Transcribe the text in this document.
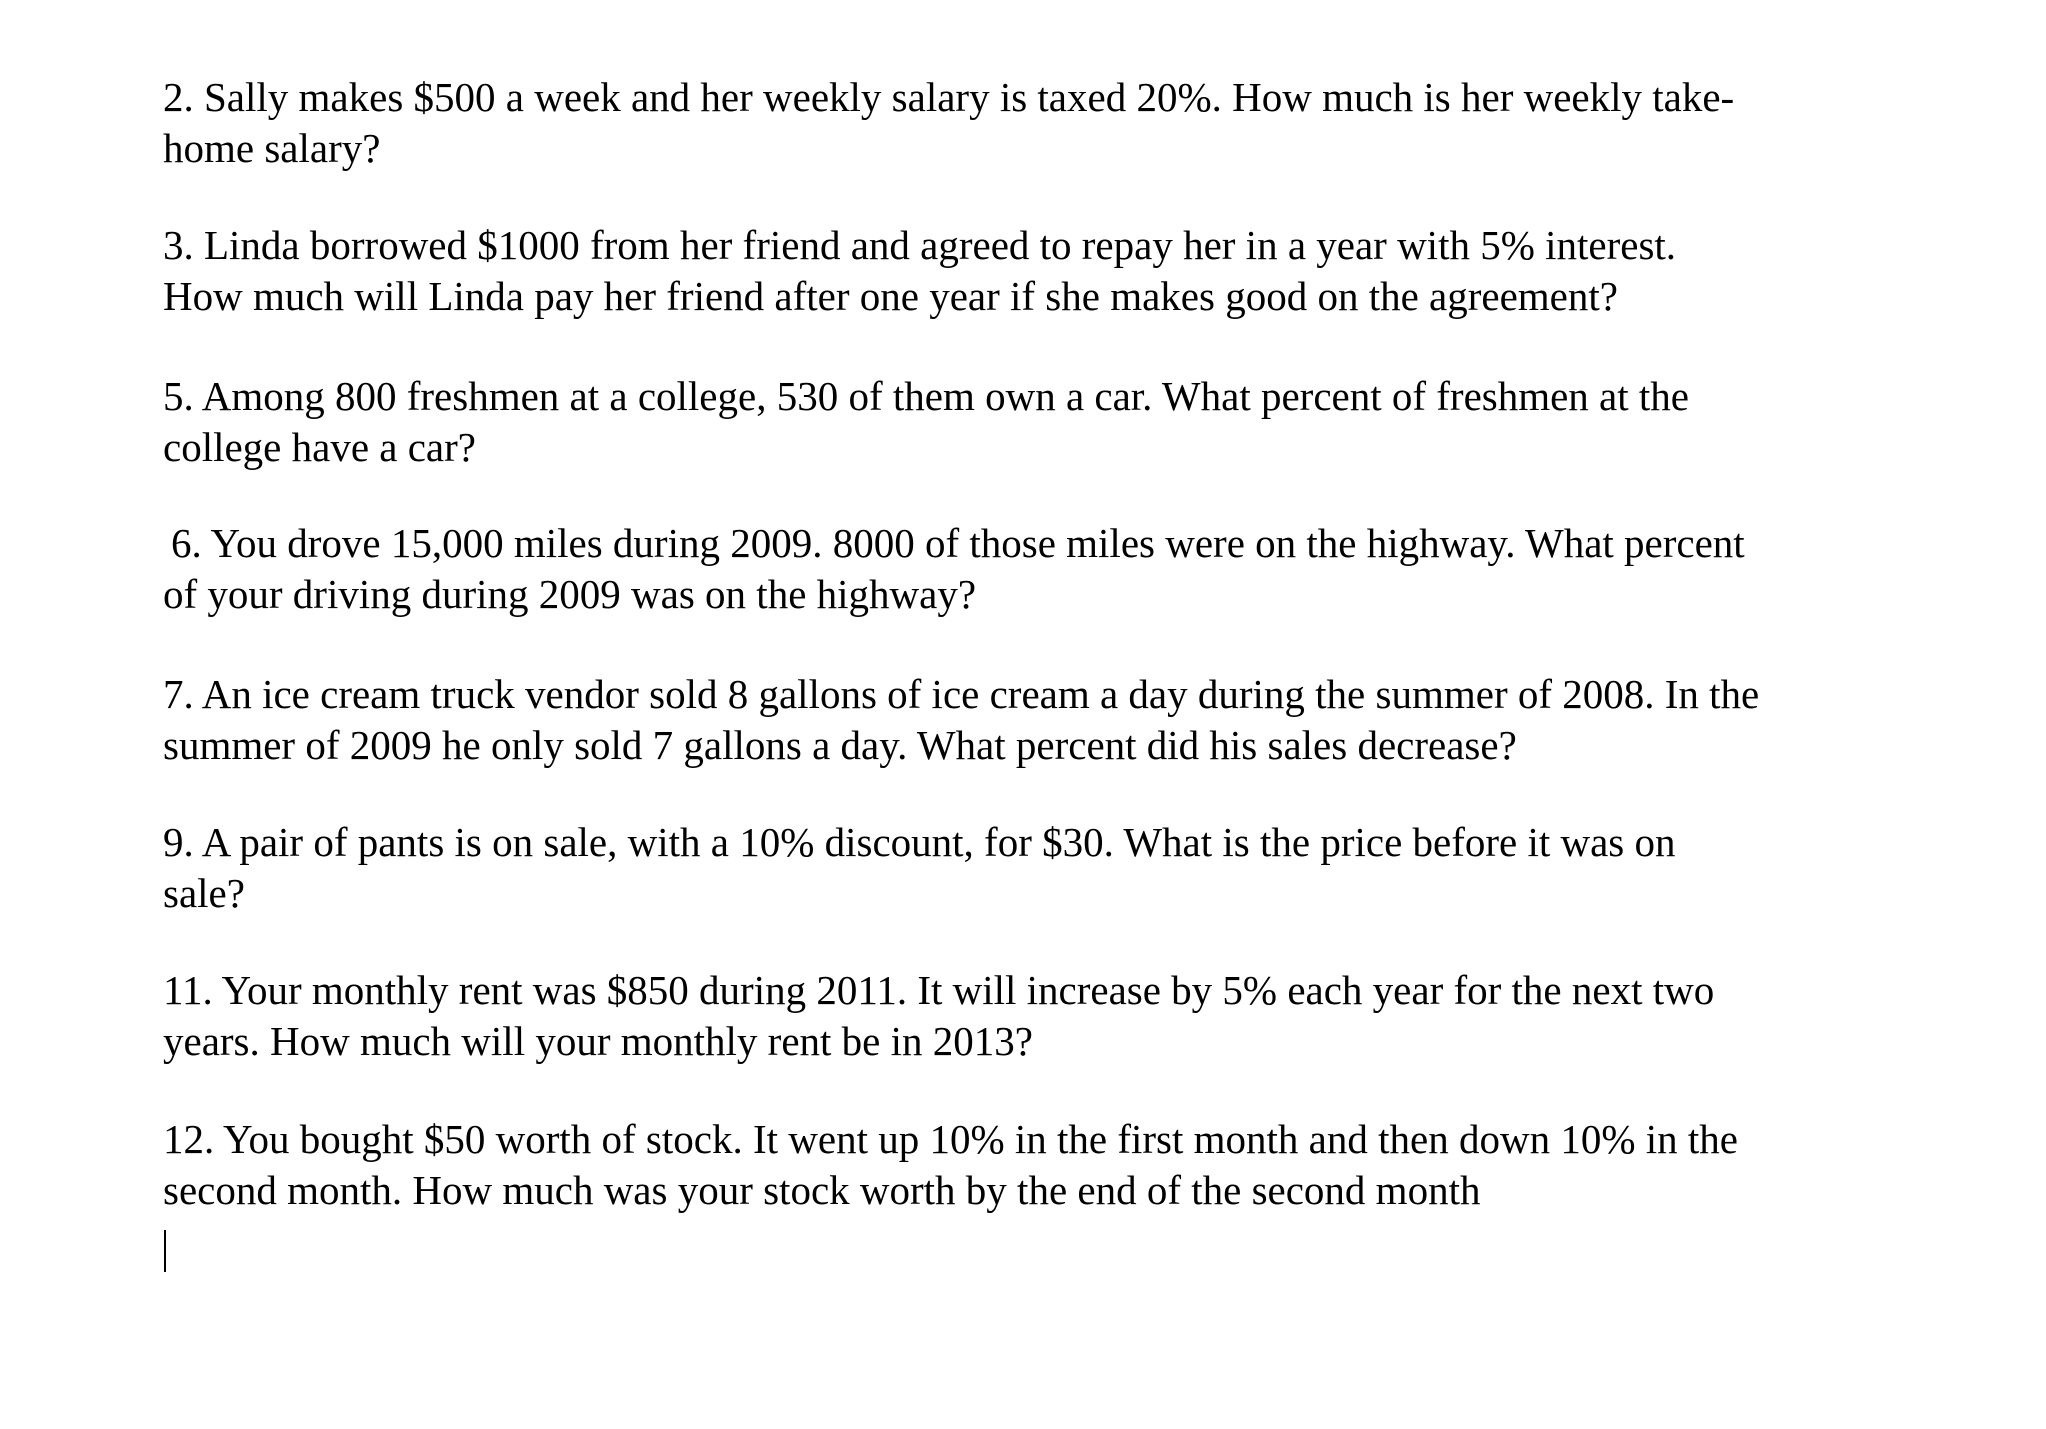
2. Sally makes $500 a week and her weekly salary is taxed 20%. How much is her weekly take-
home salary?
3. Linda borrowed $1000 from her friend and agreed to repay her in a year with 5% interest.
How much will Linda pay her friend after one year if she makes good on the agreement?
5. Among 800 freshmen at a college, 530 of them own a car. What percent of freshmen at the
college have a car?
6. You drove 15,000 miles during 2009. 8000 of those miles were on the highway. What percent
of your driving during 2009 was on the highway?
7. An ice cream truck vendor sold 8 gallons of ice cream a day during the summer of 2008. In the
summer of 2009 he only sold 7 gallons a day. What percent did his sales decrease?
9. A pair of pants is on sale, with a 10% discount, for $30. What is the price before it was on
sale?
11. Your monthly rent was $850 during 2011. It will increase by 5% each year for the next two
years. How much will your monthly rent be in 2013?
12. You bought $50 worth of stock. It went up 10% in the first month and then down 10% in the
second month. How much was your stock worth by the end of the second month
